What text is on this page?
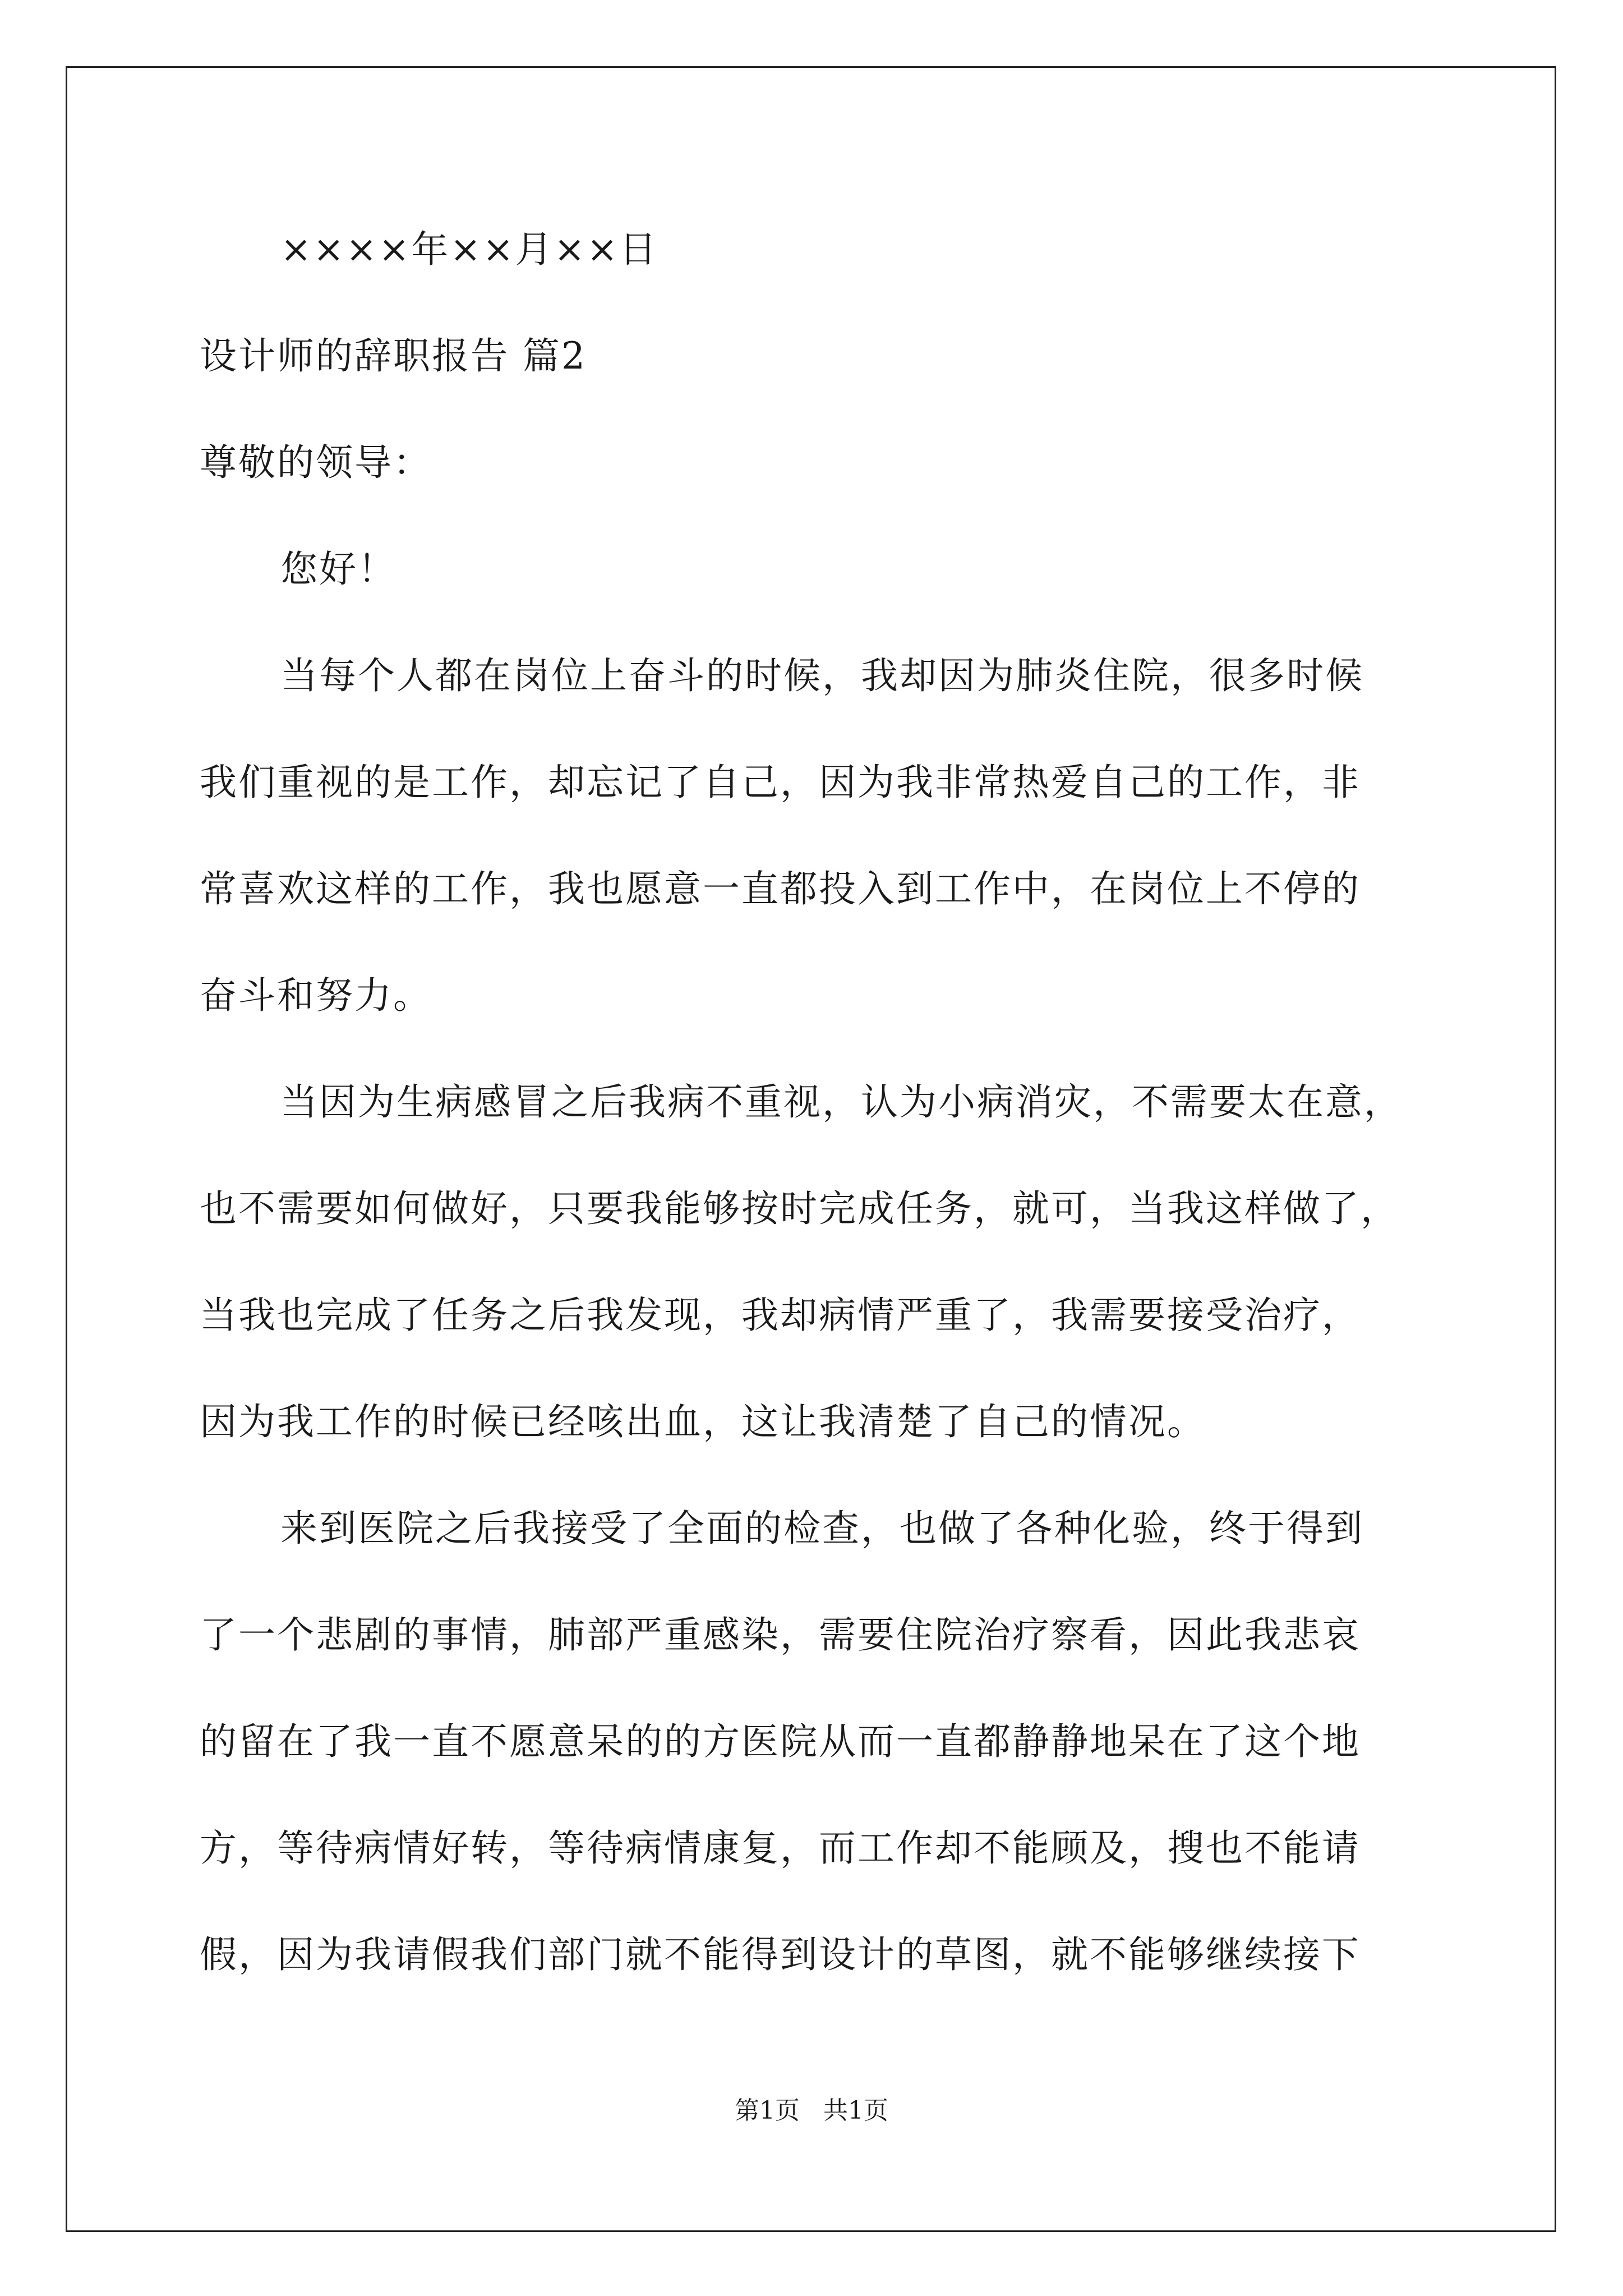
××××年××月××日
设计师的辞职报告 篇2
尊敬的领导：
您好！
当每个人都在岗位上奋斗的时候，我却因为肺炎住院，很多时候
我们重视的是工作，却忘记了自己，因为我非常热爱自己的工作，非
常喜欢这样的工作，我也愿意一直都投入到工作中，在岗位上不停的
奋斗和努力。
当因为生病感冒之后我病不重视，认为小病消灾，不需要太在意，
也不需要如何做好，只要我能够按时完成任务，就可，当我这样做了，
当我也完成了任务之后我发现，我却病情严重了，我需要接受治疗，
因为我工作的时候已经咳出血，这让我清楚了自己的情况。
来到医院之后我接受了全面的检查，也做了各种化验，终于得到
了一个悲剧的事情，肺部严重感染，需要住院治疗察看，因此我悲哀
的留在了我一直不愿意呆的的方医院从而一直都静静地呆在了这个地
方，等待病情好转，等待病情康复，而工作却不能顾及，搜也不能请
假，因为我请假我们部门就不能得到设计的草图，就不能够继续接下
第1页   共1页
